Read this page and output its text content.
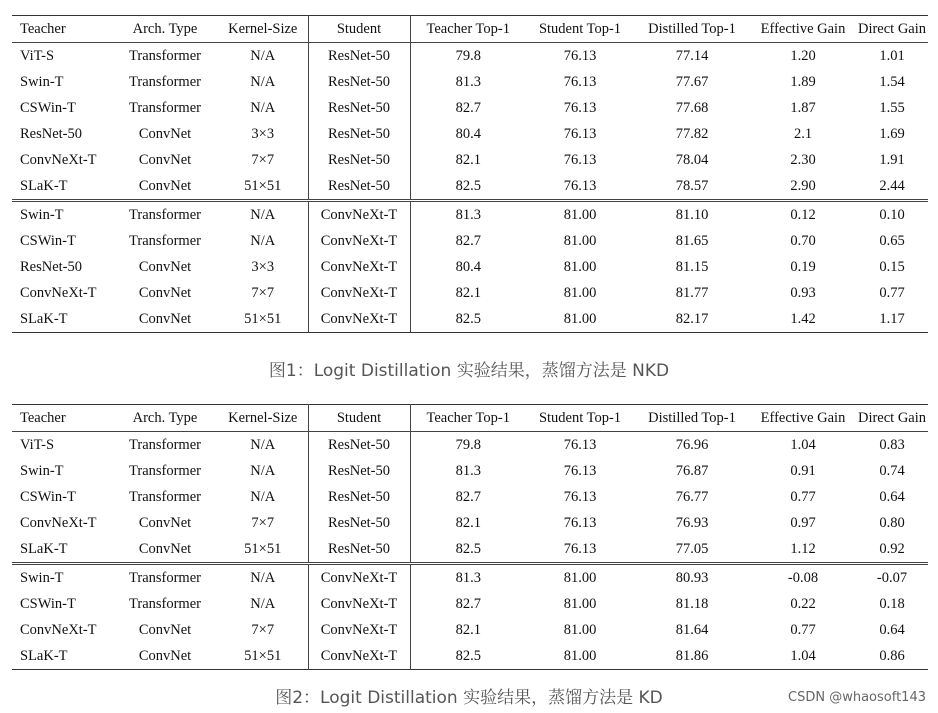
Teacher	Arch. Type	Kernel-Size	Student	Teacher Top-1	Student Top-1	Distilled Top-1	Effective Gain	Direct Gain
ViT-S	Transformer	N/A	ResNet-50	79.8	76.13	77.14	1.20	1.01
Swin-T	Transformer	N/A	ResNet-50	81.3	76.13	77.67	1.89	1.54
CSWin-T	Transformer	N/A	ResNet-50	82.7	76.13	77.68	1.87	1.55
ResNet-50	ConvNet	3×3	ResNet-50	80.4	76.13	77.82	2.1	1.69
ConvNeXt-T	ConvNet	7×7	ResNet-50	82.1	76.13	78.04	2.30	1.91
SLaK-T	ConvNet	51×51	ResNet-50	82.5	76.13	78.57	2.90	2.44
Swin-T	Transformer	N/A	ConvNeXt-T	81.3	81.00	81.10	0.12	0.10
CSWin-T	Transformer	N/A	ConvNeXt-T	82.7	81.00	81.65	0.70	0.65
ResNet-50	ConvNet	3×3	ConvNeXt-T	80.4	81.00	81.15	0.19	0.15
ConvNeXt-T	ConvNet	7×7	ConvNeXt-T	82.1	81.00	81.77	0.93	0.77
SLaK-T	ConvNet	51×51	ConvNeXt-T	82.5	81.00	82.17	1.42	1.17
图1：Logit Distillation 实验结果，蒸馏方法是 NKD
Teacher	Arch. Type	Kernel-Size	Student	Teacher Top-1	Student Top-1	Distilled Top-1	Effective Gain	Direct Gain
ViT-S	Transformer	N/A	ResNet-50	79.8	76.13	76.96	1.04	0.83
Swin-T	Transformer	N/A	ResNet-50	81.3	76.13	76.87	0.91	0.74
CSWin-T	Transformer	N/A	ResNet-50	82.7	76.13	76.77	0.77	0.64
ConvNeXt-T	ConvNet	7×7	ResNet-50	82.1	76.13	76.93	0.97	0.80
SLaK-T	ConvNet	51×51	ResNet-50	82.5	76.13	77.05	1.12	0.92
Swin-T	Transformer	N/A	ConvNeXt-T	81.3	81.00	80.93	-0.08	-0.07
CSWin-T	Transformer	N/A	ConvNeXt-T	82.7	81.00	81.18	0.22	0.18
ConvNeXt-T	ConvNet	7×7	ConvNeXt-T	82.1	81.00	81.64	0.77	0.64
SLaK-T	ConvNet	51×51	ConvNeXt-T	82.5	81.00	81.86	1.04	0.86
图2：Logit Distillation 实验结果，蒸馏方法是 KD	CSDN @whaosoft143
